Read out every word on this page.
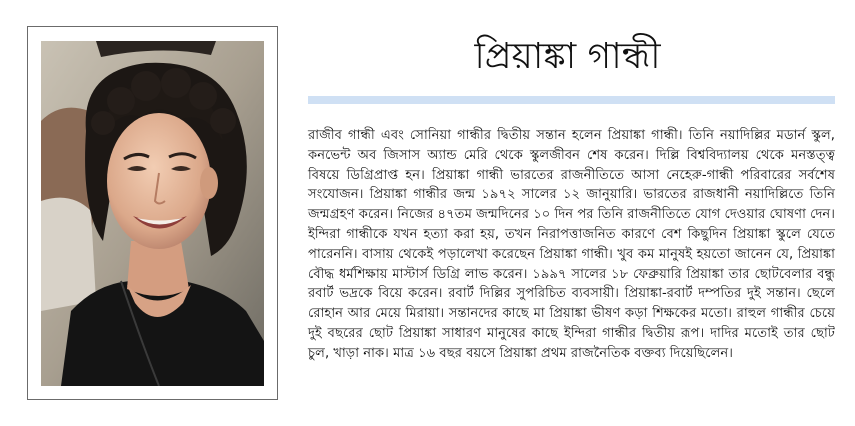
প্রিয়াঙ্কা গান্ধী

রাজীব গান্ধী এবং সোনিয়া গান্ধীর দ্বিতীয় সন্তান হলেন প্রিয়াঙ্কা গান্ধী। তিনি নয়াদিল্লির মডার্ন স্কুল, কনভেন্ট অব জিসাস অ্যান্ড মেরি থেকে স্কুলজীবন শেষ করেন। দিল্লি বিশ্ববিদ্যালয় থেকে মনস্তত্ত্ব বিষয়ে ডিগ্রিপ্রাপ্ত হন। প্রিয়াঙ্কা গান্ধী ভারতের রাজনীতিতে আসা নেহেরু-গান্ধী পরিবারের সর্বশেষ সংযোজন। প্রিয়াঙ্কা গান্ধীর জন্ম ১৯৭২ সালের ১২ জানুয়ারি। ভারতের রাজধানী নয়াদিল্লিতে তিনি জন্মগ্রহণ করেন। নিজের ৪৭তম জন্মদিনের ১০ দিন পর তিনি রাজনীতিতে যোগ দেওয়ার ঘোষণা দেন। ইন্দিরা গান্ধীকে যখন হত্যা করা হয়, তখন নিরাপত্তাজনিত কারণে বেশ কিছুদিন প্রিয়াঙ্কা স্কুলে যেতে পারেননি। বাসায় থেকেই পড়ালেখা করেছেন প্রিয়াঙ্কা গান্ধী। খুব কম মানুষই হয়তো জানেন যে, প্রিয়াঙ্কা বৌদ্ধ ধর্মশিক্ষায় মাস্টার্স ডিগ্রি লাভ করেন। ১৯৯৭ সালের ১৮ ফেব্রুয়ারি প্রিয়াঙ্কা তার ছোটবেলার বন্ধু রবার্ট ভদ্রকে বিয়ে করেন। রবার্ট দিল্লির সুপরিচিত ব্যবসায়ী। প্রিয়াঙ্কা-রবার্ট দম্পতির দুই সন্তান। ছেলে রোহান আর মেয়ে মিরায়া। সন্তানদের কাছে মা প্রিয়াঙ্কা ভীষণ কড়া শিক্ষকের মতো। রাহুল গান্ধীর চেয়ে দুই বছরের ছোট প্রিয়াঙ্কা সাধারণ মানুষের কাছে ইন্দিরা গান্ধীর দ্বিতীয় রূপ। দাদির মতোই তার ছোট চুল, খাড়া নাক। মাত্র ১৬ বছর বয়সে প্রিয়াঙ্কা প্রথম রাজনৈতিক বক্তব্য দিয়েছিলেন।
